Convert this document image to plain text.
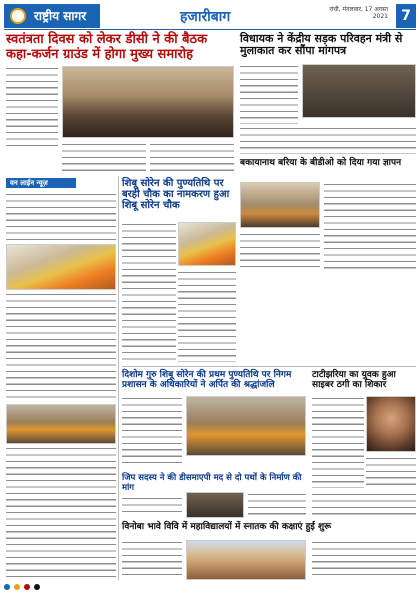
राष्ट्रीय सागर	हजारीबाग	रांची, मंगलवार, 17 अगस्त 2021 7
स्वतंत्रता दिवस को लेकर डीसी ने की बैठक कहा-कर्जन ग्राउंड में होगा मुख्य समारोह
विधायक ने केंद्रीय सड़क परिवहन मंत्री से मुलाकात कर सौंपा मांगपत्र
बकायानाथ बरिया के बीडीओ को दिया गया ज्ञापन
वन लाईन न्यूज़	शिबू सोरेन की पुण्यतिथि पर बरही चौक का नामकरण हुआ शिबू सोरेन चौक
दिशोम गुरु शिबू सोरेन की प्रथम पुण्यतिथि पर निगम प्रशासन के अधिकारियों ने अर्पित की श्रद्धांजलि
टाटीझरिया का युवक हुआ साइबर ठगी का शिकार
जिप सदस्य ने की डीसमाएपी मद से दो पथों के निर्माण की मांग
विनोबा भावे विवि में महाविद्यालयों में स्नातक की कक्षाएं हुईं शुरू
